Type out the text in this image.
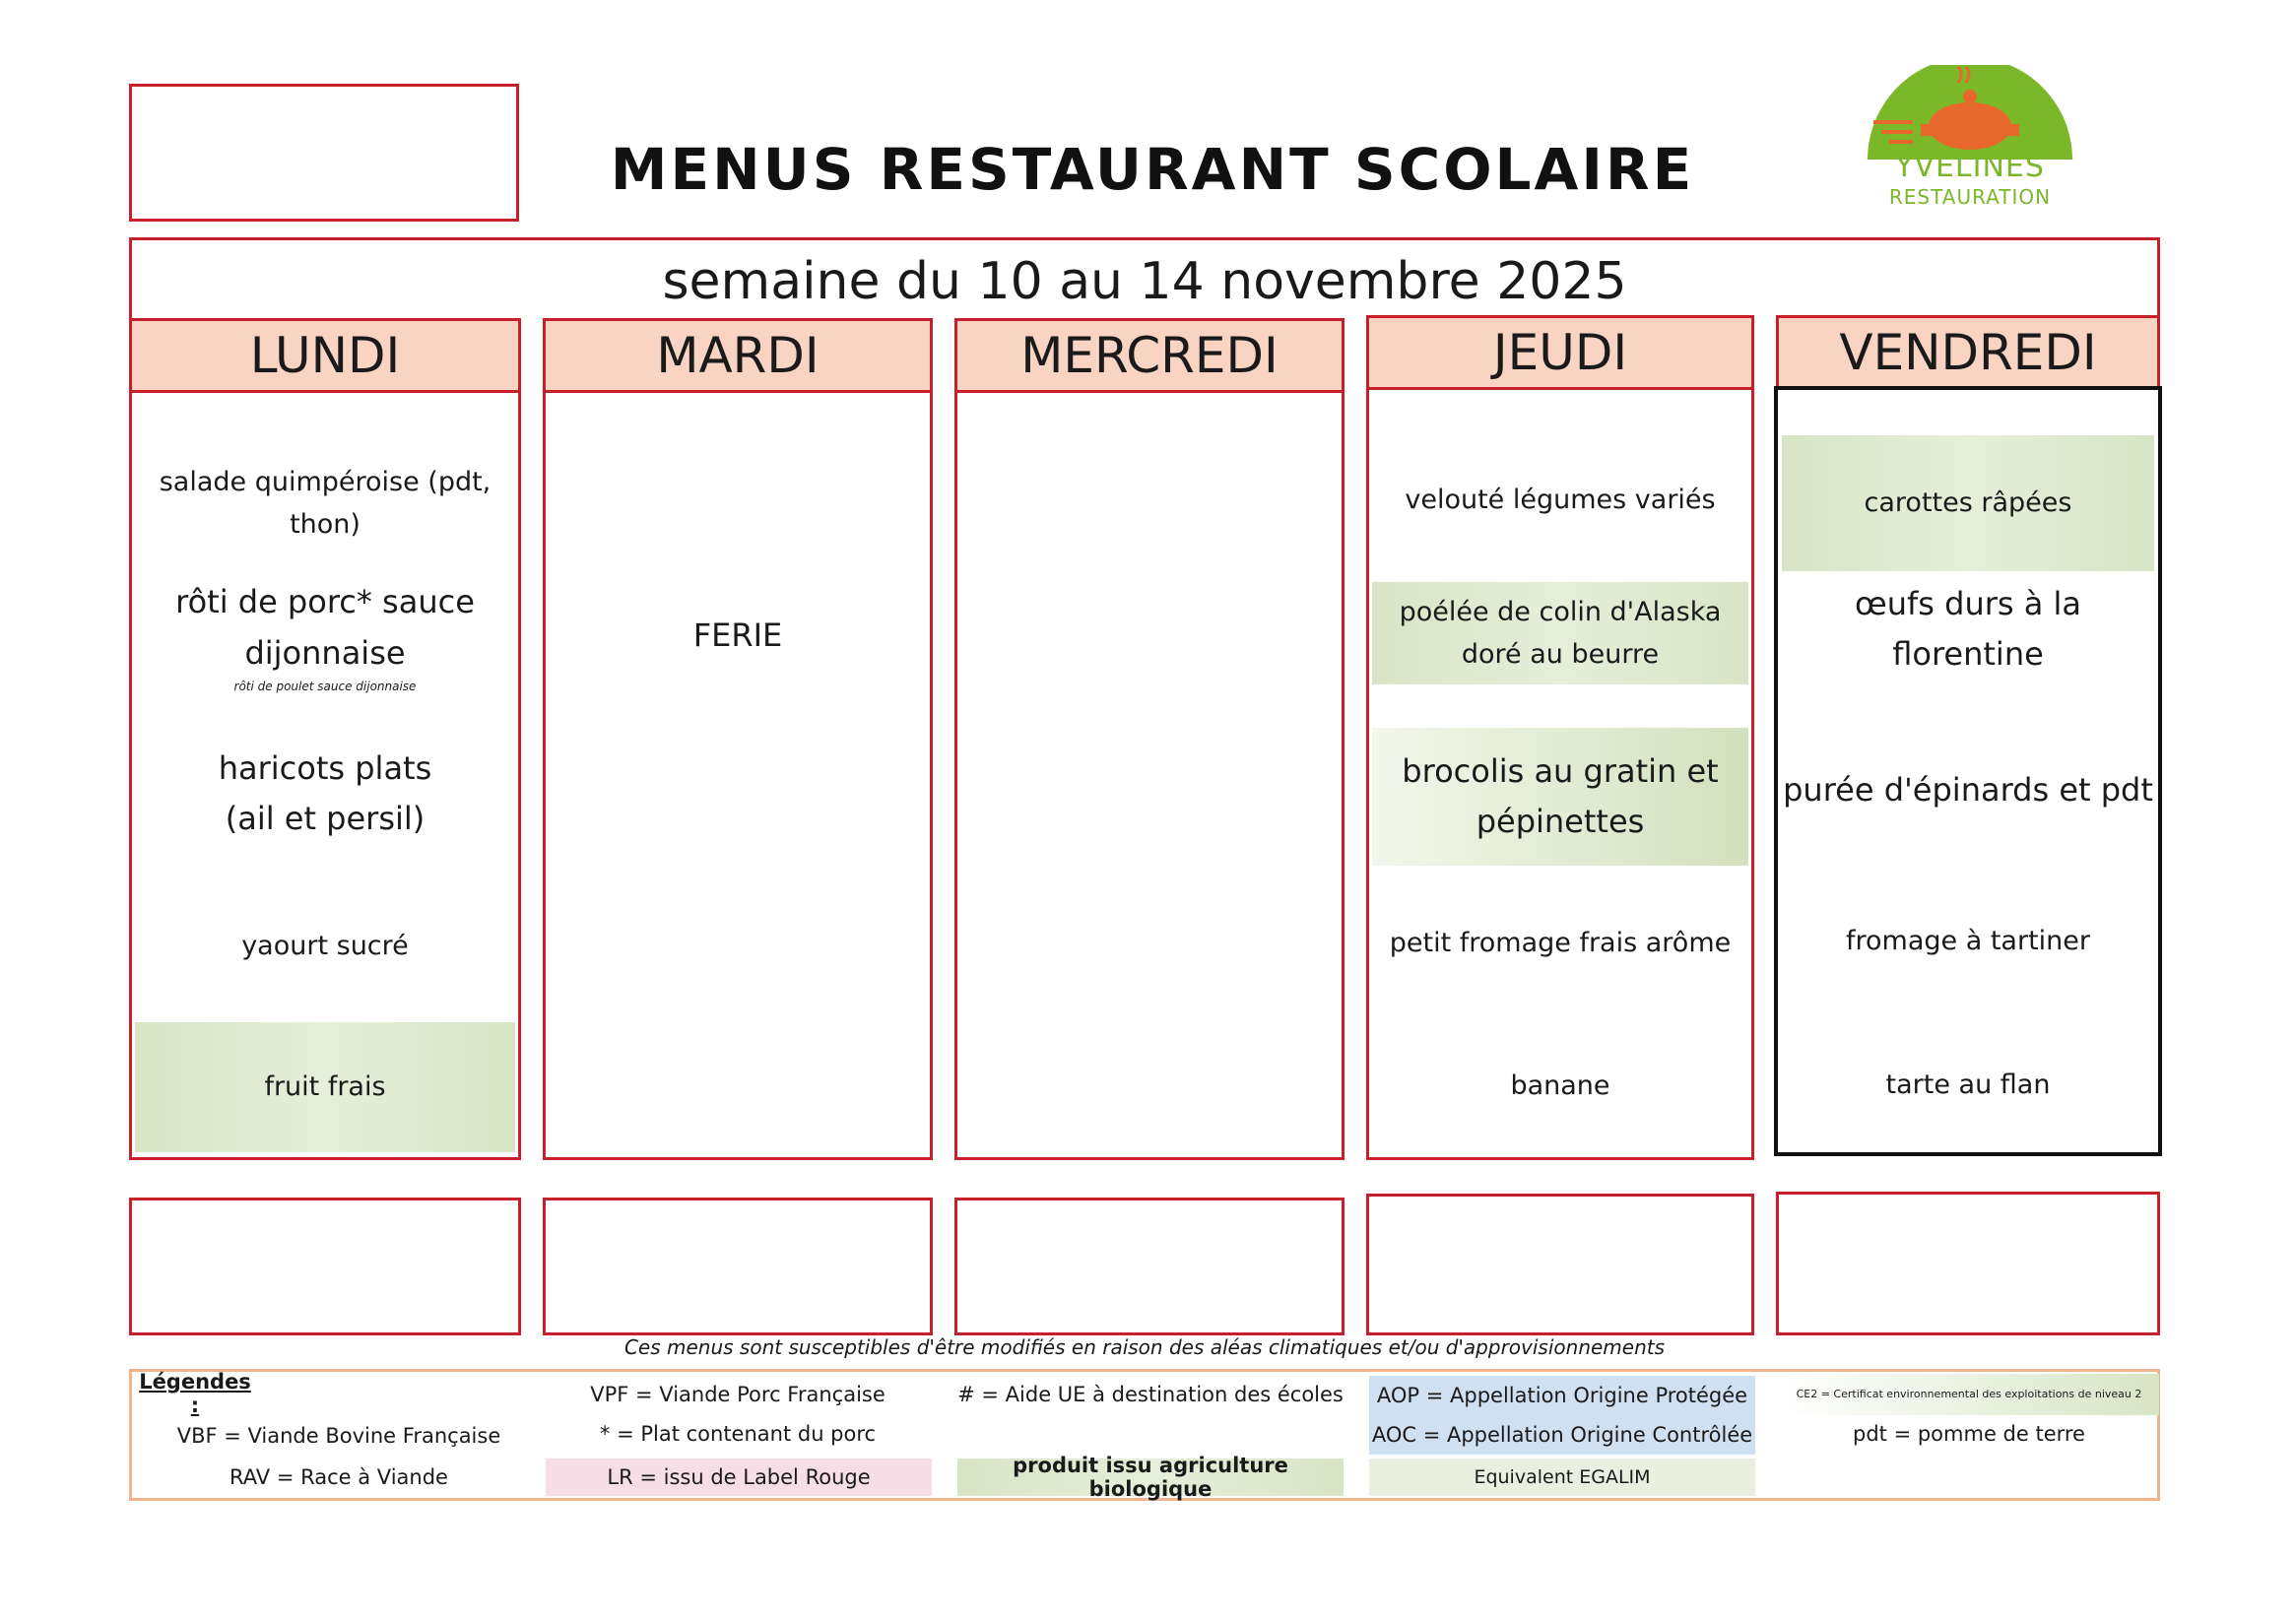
MENUS RESTAURANT SCOLAIRE	YVELINES
RESTAURATION
semaine du 10 au 14 novembre 2025
LUNDI
salade quimpéroise (pdt, thon)
rôti de porc* sauce dijonnaise
rôti de poulet sauce dijonnaise
haricots plats (ail et persil)
yaourt sucré
fruit frais
MARDI
FERIE
MERCREDI	JEUDI
velouté légumes variés
poélée de colin d'Alaska doré au beurre
brocolis au gratin et pépinettes
petit fromage frais arôme
banane
VENDREDI
carottes râpées
œufs durs à la florentine
purée d'épinards et pdt
fromage à tartiner
tarte au flan
Ces menus sont susceptibles d'être modifiés en raison des aléas climatiques et/ou d'approvisionnements
Légendes :
VBF = Viande Bovine Française
RAV = Race à Viande
VPF = Viande Porc Française
* = Plat contenant du porc
LR = issu de Label Rouge
# = Aide UE à destination des écoles
produit issu agriculture biologique
AOP = Appellation Origine Protégée
AOC = Appellation Origine Contrôlée
Equivalent EGALIM
CE2 = Certificat environnemental des exploitations de niveau 2
pdt = pomme de terre
